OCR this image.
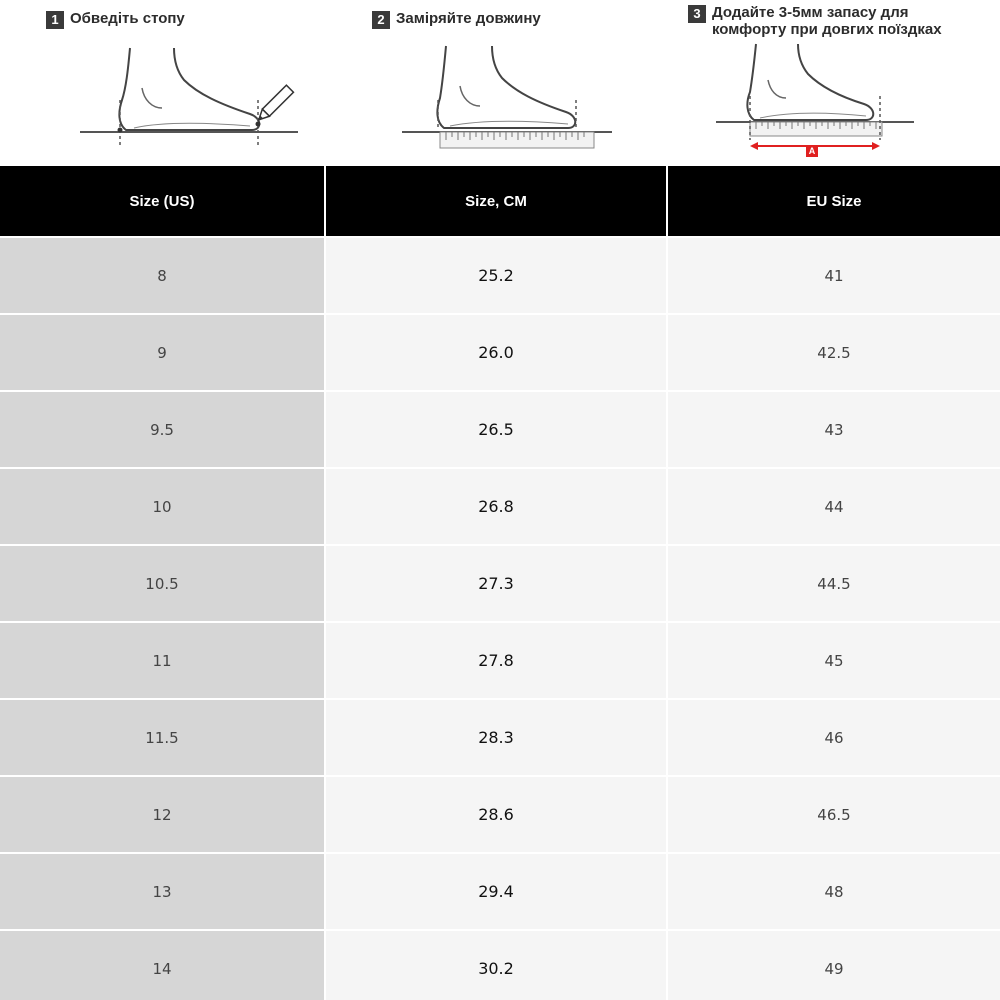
1 Обведіть стопу	2 Заміряйте довжину
A
3 Додайте 3-5мм запасу для
комфорту при довгих поїздках
Size (US)	Size, CM	EU Size
8	25.2	41
9	26.0	42.5
9.5	26.5	43
10	26.8	44
10.5	27.3	44.5
11	27.8	45
11.5	28.3	46
12	28.6	46.5
13	29.4	48
14	30.2	49
